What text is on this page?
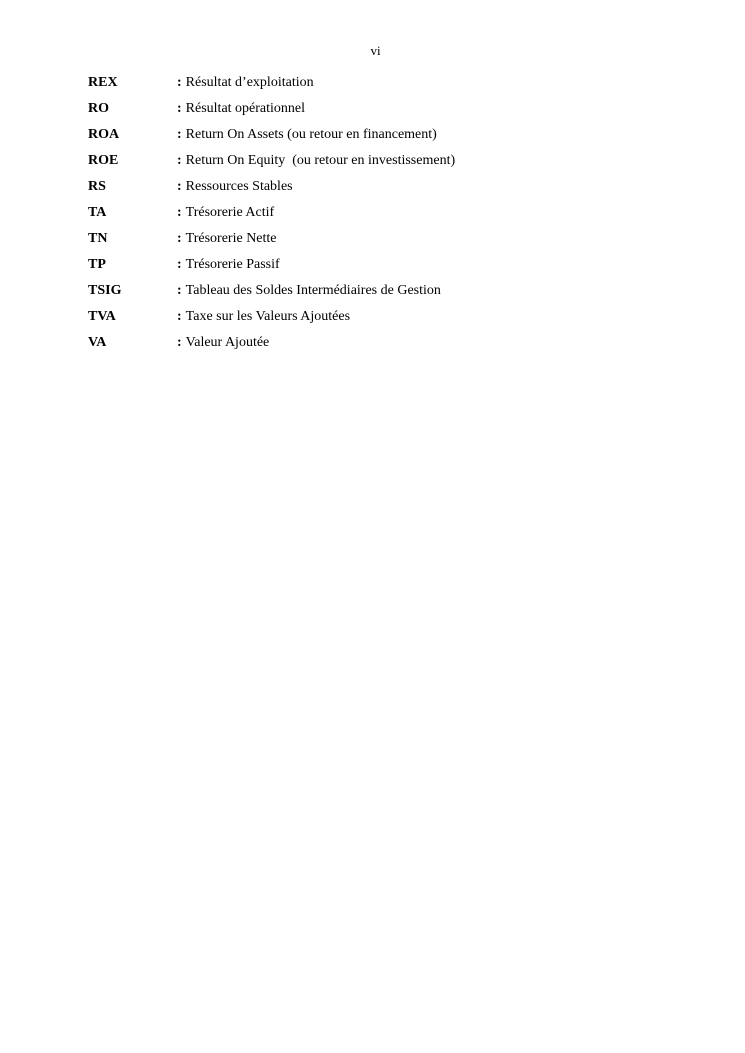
vi
REX	: Résultat d’exploitation
RO	: Résultat opérationnel
ROA	: Return On Assets (ou retour en financement)
ROE	: Return On Equity  (ou retour en investissement)
RS	: Ressources Stables
TA	: Trésorerie Actif
TN	: Trésorerie Nette
TP	: Trésorerie Passif
TSIG	: Tableau des Soldes Intermédiaires de Gestion
TVA	: Taxe sur les Valeurs Ajoutées
VA	: Valeur Ajoutée
